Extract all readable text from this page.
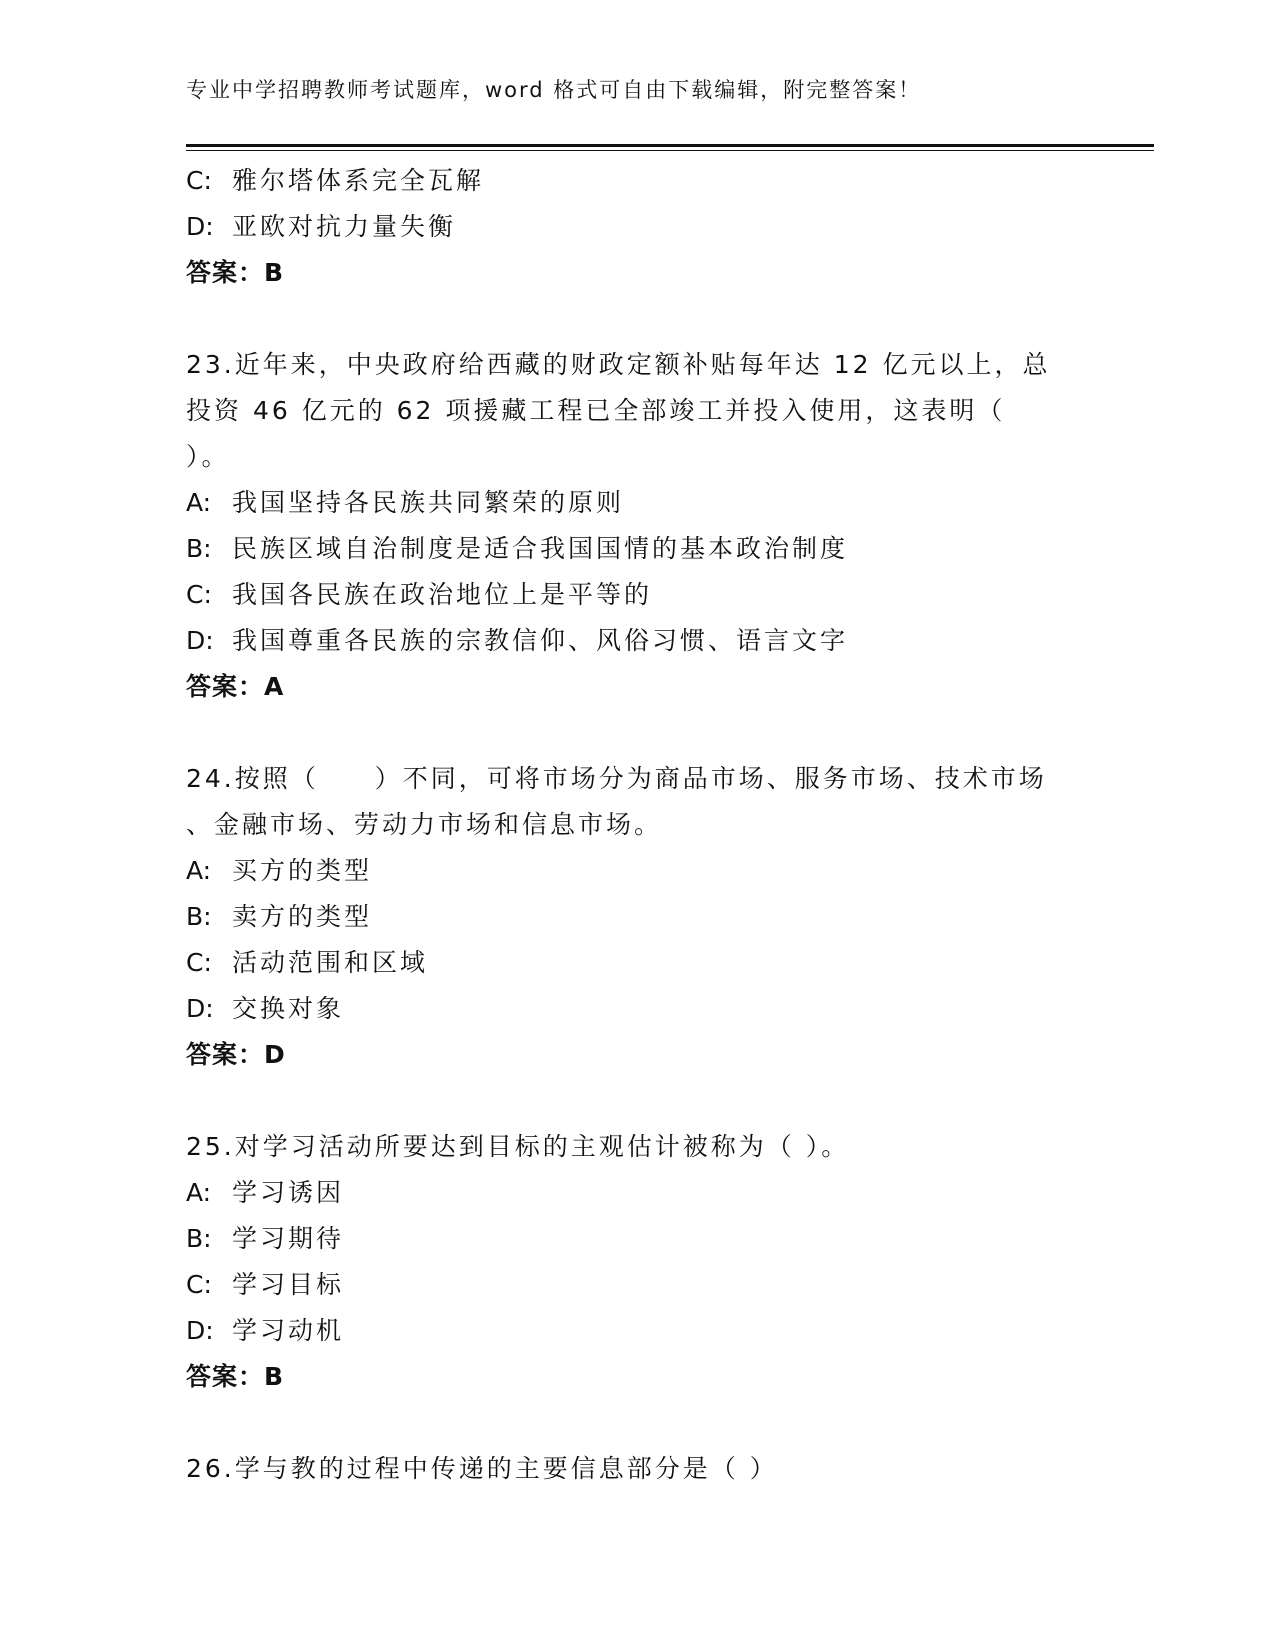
专业中学招聘教师考试题库，word 格式可自由下载编辑，附完整答案！
C: 雅尔塔体系完全瓦解
D: 亚欧对抗力量失衡
答案：B
23.近年来，中央政府给西藏的财政定额补贴每年达 12 亿元以上，总
投资 46 亿元的 62 项援藏工程已全部竣工并投入使用，这表明（
）。
A: 我国坚持各民族共同繁荣的原则
B: 民族区域自治制度是适合我国国情的基本政治制度
C: 我国各民族在政治地位上是平等的
D: 我国尊重各民族的宗教信仰、风俗习惯、语言文字
答案：A
24.按照（　　）不同，可将市场分为商品市场、服务市场、技术市场
、金融市场、劳动力市场和信息市场。
A: 买方的类型
B: 卖方的类型
C: 活动范围和区域
D: 交换对象
答案：D
25.对学习活动所要达到目标的主观估计被称为（ ）。
A: 学习诱因
B: 学习期待
C: 学习目标
D: 学习动机
答案：B
26.学与教的过程中传递的主要信息部分是（ ）
